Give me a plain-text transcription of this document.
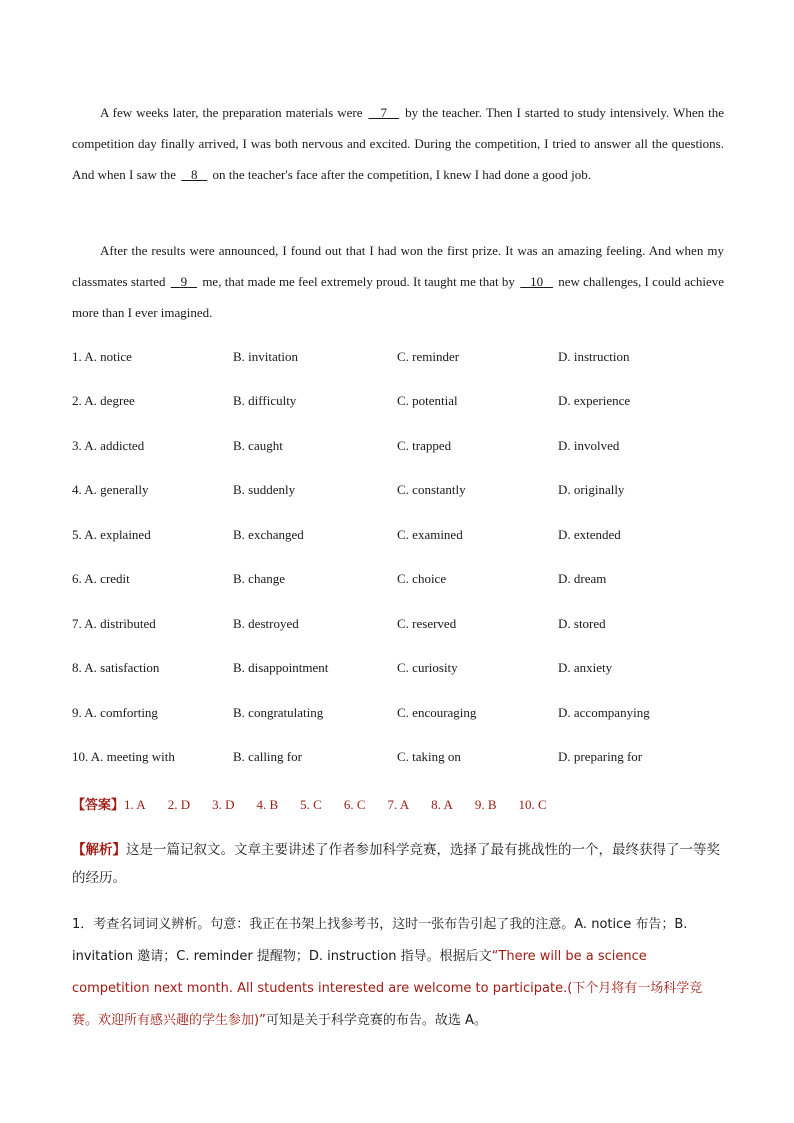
A few weeks later, the preparation materials were    7    by the teacher. Then I started to study intensively. When the competition day finally arrived, I was both nervous and excited. During the competition, I tried to answer all the questions. And when I saw the    8    on the teacher's face after the competition, I knew I had done a good job.

After the results were announced, I found out that I had won the first prize. It was an amazing feeling. And when my classmates started    9    me, that made me feel extremely proud. It taught me that by    10    new challenges, I could achieve more than I ever imagined.

1. A. notice	B. invitation	C. reminder	D. instruction
2. A. degree	B. difficulty	C. potential	D. experience
3. A. addicted	B. caught	C. trapped	D. involved
4. A. generally	B. suddenly	C. constantly	D. originally
5. A. explained	B. exchanged	C. examined	D. extended
6. A. credit	B. change	C. choice	D. dream
7. A. distributed	B. destroyed	C. reserved	D. stored
8. A. satisfaction	B. disappointment	C. curiosity	D. anxiety
9. A. comforting	B. congratulating	C. encouraging	D. accompanying
10. A. meeting with	B. calling for	C. taking on	D. preparing for
【答案】1. A 2. D 3. D 4. B 5. C 6. C 7. A 8. A 9. B 10. C

【解析】这是一篇记叙文。文章主要讲述了作者参加科学竞赛，选择了最有挑战性的一个，最终获得了一等奖的经历。

1．考查名词词义辨析。句意：我正在书架上找参考书，这时一张布告引起了我的注意。A. notice 布告；B. invitation 邀请；C. reminder 提醒物；D. instruction 指导。根据后文“There will be a science competition next month. All students interested are welcome to participate.(下个月将有一场科学竞赛。欢迎所有感兴趣的学生参加)”可知是关于科学竞赛的布告。故选 A。
